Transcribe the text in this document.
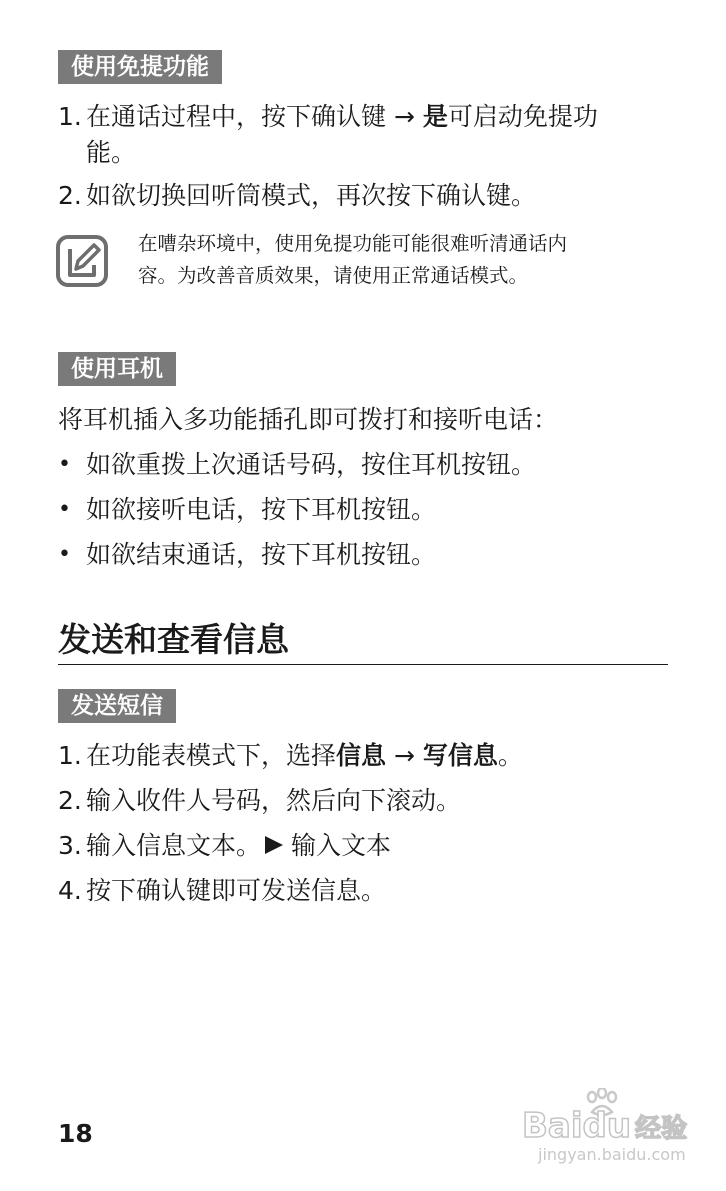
使用免提功能
1. 在通话过程中，按下确认键 → 是可启动免提功
能。
2. 如欲切换回听筒模式，再次按下确认键。
在嘈杂环境中，使用免提功能可能很难听清通话内
容。为改善音质效果，请使用正常通话模式。
使用耳机
将耳机插入多功能插孔即可拨打和接听电话：
• 如欲重拨上次通话号码，按住耳机按钮。
• 如欲接听电话，按下耳机按钮。
• 如欲结束通话，按下耳机按钮。
发送和查看信息
发送短信
1. 在功能表模式下，选择信息 → 写信息。
2. 输入收件人号码，然后向下滚动。
3. 输入信息文本。 输入文本
4. 按下确认键即可发送信息。
18	Baidu 经验
jingyan.baidu.com
